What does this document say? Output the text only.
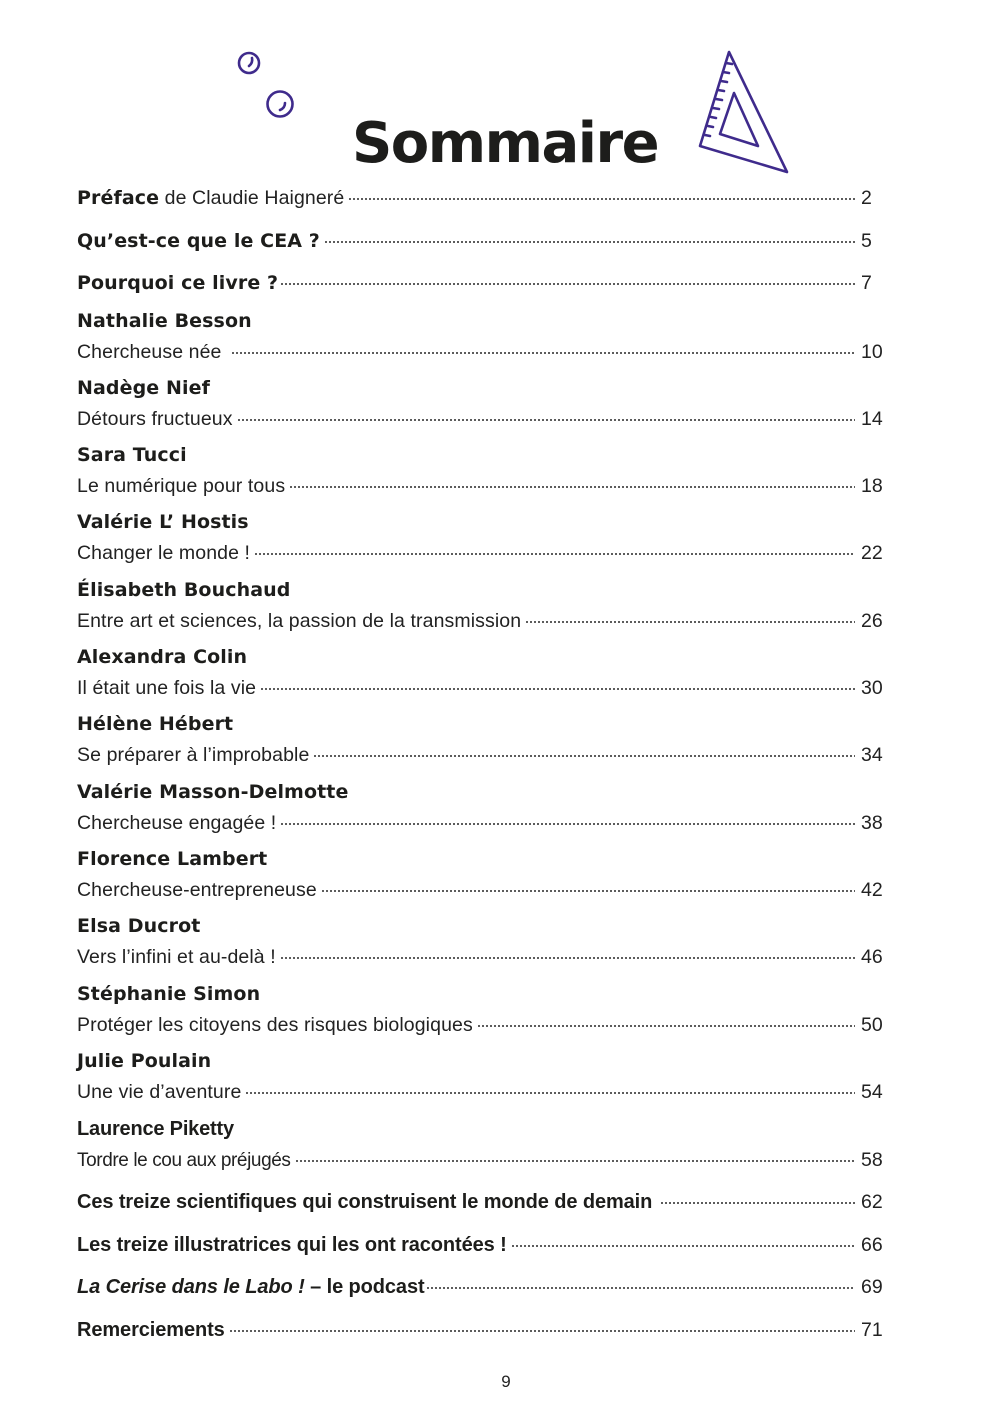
Sommaire
Préface de Claudie Haigneré	2
Qu’est-ce que le CEA ?	5
Pourquoi ce livre ?	7
Nathalie Besson
Chercheuse née	10
Nadège Nief
Détours fructueux	14
Sara Tucci
Le numérique pour tous	18
Valérie L’ Hostis
Changer le monde !	22
Élisabeth Bouchaud
Entre art et sciences, la passion de la transmission	26
Alexandra Colin
Il était une fois la vie	30
Hélène Hébert
Se préparer à l’improbable	34
Valérie Masson-Delmotte
Chercheuse engagée !	38
Florence Lambert
Chercheuse-entrepreneuse	42
Elsa Ducrot
Vers l’infini et au-delà !	46
Stéphanie Simon
Protéger les citoyens des risques biologiques	50
Julie Poulain
Une vie d’aventure	54
Laurence Piketty
Tordre le cou aux préjugés	58
Ces treize scientifiques qui construisent le monde de demain	62
Les treize illustratrices qui les ont racontées !	66
La Cerise dans le Labo ! – le podcast	69
Remerciements	71
9
